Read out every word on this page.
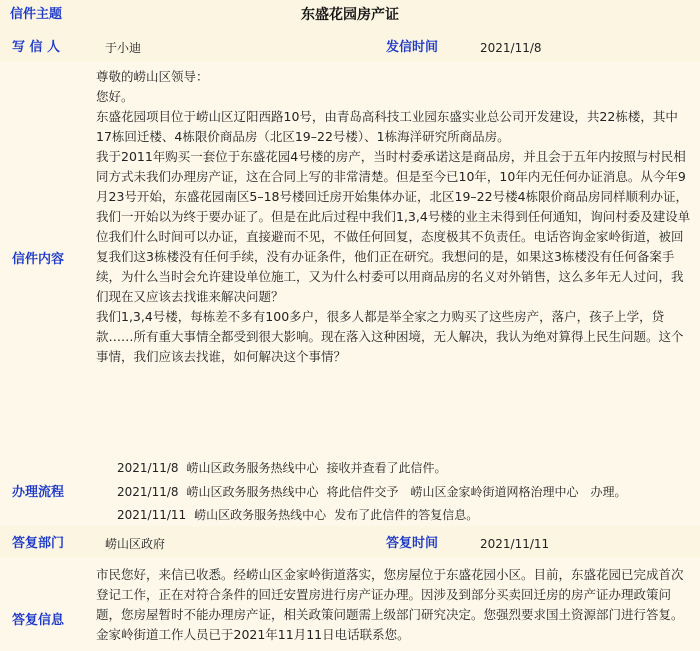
信件主题	东盛花园房产证
写 信 人	于小迪	发信时间	2021/11/8
信件内容

尊敬的崂山区领导：

您好。

东盛花园项目位于崂山区辽阳西路10号，由青岛高科技工业园东盛实业总公司开发建设，共22栋楼，其中17栋回迁楼、4栋限价商品房（北区19–22号楼）、1栋海洋研究所商品房。

我于2011年购买一套位于东盛花园4号楼的房产，当时村委承诺这是商品房，并且会于五年内按照与村民相同方式未我们办理房产证，这在合同上写的非常清楚。但是至今已10年，10年内无任何办证消息。从今年9月23号开始，东盛花园南区5–18号楼回迁房开始集体办证，北区19–22号楼4栋限价商品房同样顺利办证，我们一开始以为终于要办证了。但是在此后过程中我们1,3,4号楼的业主未得到任何通知，询问村委及建设单位我们什么时间可以办证，直接避而不见，不做任何回复，态度极其不负责任。电话咨询金家岭街道，被回复我们这3栋楼没有任何手续，没有办证条件，他们正在研究。我想问的是，如果这3栋楼没有任何备案手续，为什么当时会允许建设单位施工，又为什么村委可以用商品房的名义对外销售，这么多年无人过问，我们现在又应该去找谁来解决问题？

我们1,3,4号楼，每栋差不多有100多户，很多人都是举全家之力购买了这些房产，落户，孩子上学，贷款……所有重大事情全都受到很大影响。现在落入这种困境，无人解决，我认为绝对算得上民生问题。这个事情，我们应该去找谁，如何解决这个事情？

办理流程
2021/11/8 崂山区政务服务热线中心 接收并查看了此信件。
2021/11/8 崂山区政务服务热线中心 将此信件交予　崂山区金家岭街道网格治理中心　办理。
2021/11/11 崂山区政务服务热线中心 发布了此信件的答复信息。
答复部门	崂山区政府	答复时间	2021/11/11
答复信息

市民您好，来信已收悉。经崂山区金家岭街道落实，您房屋位于东盛花园小区。目前，东盛花园已完成首次登记工作，正在对符合条件的回迁安置房进行房产证办理。因涉及到部分买卖回迁房的房产证办理政策问题，您房屋暂时不能办理房产证，相关政策问题需上级部门研究决定。您强烈要求国土资源部门进行答复。

金家岭街道工作人员已于2021年11月11日电话联系您。
